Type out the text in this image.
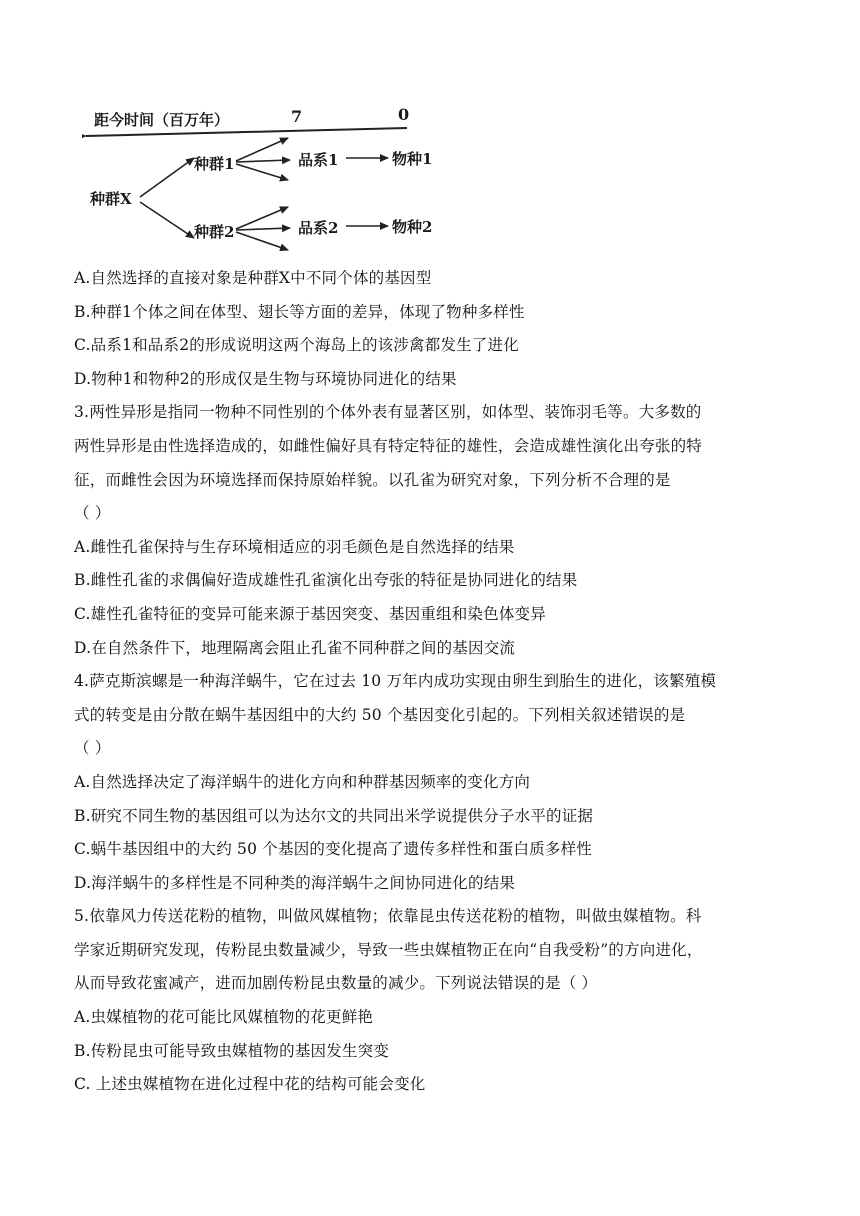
距今时间（百万年）	7	0
种群X
种群1	品系1	物种1
种群2	品系2	物种2
A.自然选择的直接对象是种群X中不同个体的基因型
B.种群1个体之间在体型、翅长等方面的差异，体现了物种多样性
C.品系1和品系2的形成说明这两个海岛上的该涉禽都发生了进化
D.物种1和物种2的形成仅是生物与环境协同进化的结果
3.两性异形是指同一物种不同性别的个体外表有显著区别，如体型、装饰羽毛等。大多数的
两性异形是由性选择造成的，如雌性偏好具有特定特征的雄性，会造成雄性演化出夸张的特
征，而雌性会因为环境选择而保持原始样貌。以孔雀为研究对象，下列分析不合理的是
（ ）
A.雌性孔雀保持与生存环境相适应的羽毛颜色是自然选择的结果
B.雌性孔雀的求偶偏好造成雄性孔雀演化出夸张的特征是协同进化的结果
C.雄性孔雀特征的变异可能来源于基因突变、基因重组和染色体变异
D.在自然条件下，地理隔离会阻止孔雀不同种群之间的基因交流
4.萨克斯滨螺是一种海洋蜗牛，它在过去 10 万年内成功实现由卵生到胎生的进化，该繁殖模
式的转变是由分散在蜗牛基因组中的大约 50 个基因变化引起的。下列相关叙述错误的是
（ ）
A.自然选择决定了海洋蜗牛的进化方向和种群基因频率的变化方向
B.研究不同生物的基因组可以为达尔文的共同出米学说提供分子水平的证据
C.蜗牛基因组中的大约 50 个基因的变化提高了遗传多样性和蛋白质多样性
D.海洋蜗牛的多样性是不同种类的海洋蜗牛之间协同进化的结果
5.依靠风力传送花粉的植物，叫做风媒植物；依靠昆虫传送花粉的植物，叫做虫媒植物。科
学家近期研究发现，传粉昆虫数量减少，导致一些虫媒植物正在向“自我受粉”的方向进化，
从而导致花蜜减产，进而加剧传粉昆虫数量的减少。下列说法错误的是（ ）
A.虫媒植物的花可能比风媒植物的花更鲜艳
B.传粉昆虫可能导致虫媒植物的基因发生突变
C. 上述虫媒植物在进化过程中花的结构可能会变化
